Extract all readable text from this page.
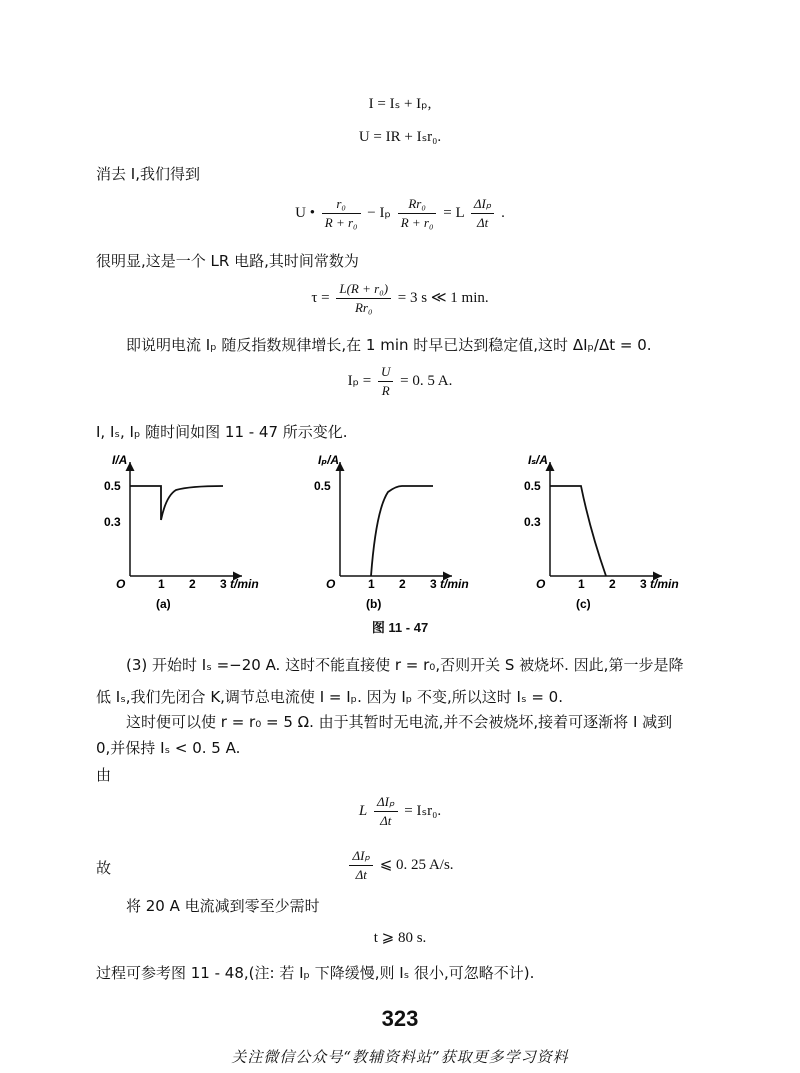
I = Iₛ + Iₚ,
U = IR + Iₛr₀.
消去 I,我们得到
U • $\frac{\text{r₀}}{\text{R + r₀}} - I_p \frac{\text{Rr₀}}{\text{R + r₀}} = L \frac{\text{ΔIₚ}}{\Delta t}$ .
很明显,这是一个 LR 电路,其时间常数为
$\tau = \frac{\text{L(R + r₀)}}{\text{Rr₀}} = 3$ s ≪ 1 min.
即说明电流 Iₚ 随反指数规律增长,在 1 min 时早已达到稳定值,这时 ΔIₚ/Δt = 0.
$I_p = \frac{U}{R} = 0$. 5 A.
I, Iₛ, Iₚ 随时间如图 11 - 47 所示变化.
I/A
0.5
0.3
O	1 2 3 t/min
(a)
Iₚ/A
0.5
O	1 2 3 t/min
(b)
Iₛ/A
0.5
0.3
O	1 2 3 t/min
(c)
图 11 - 47
(3) 开始时 Iₛ =−20 A. 这时不能直接使 r = r₀,否则开关 S 被烧坏. 因此,第一步是降
低 Iₛ,我们先闭合 K,调节总电流使 I = Iₚ. 因为 Iₚ 不变,所以这时 Iₛ = 0.
这时便可以使 r = r₀ = 5 Ω. 由于其暂时无电流,并不会被烧坏,接着可逐渐将 I 减到
0,并保持 Iₛ < 0. 5 A.
由
L $\frac{\text{ΔIₚ}}{\Delta t} = I_sr_0$.
故	$\frac{\text{ΔIₚ}}{\Delta t}$ ⩽ 0. 25 A/s.
将 20 A 电流减到零至少需时
t ⩾ 80 s.
过程可参考图 11 - 48,(注: 若 Iₚ 下降缓慢,则 Iₛ 很小,可忽略不计).
323
关注微信公众号“教辅资料站”获取更多学习资料
